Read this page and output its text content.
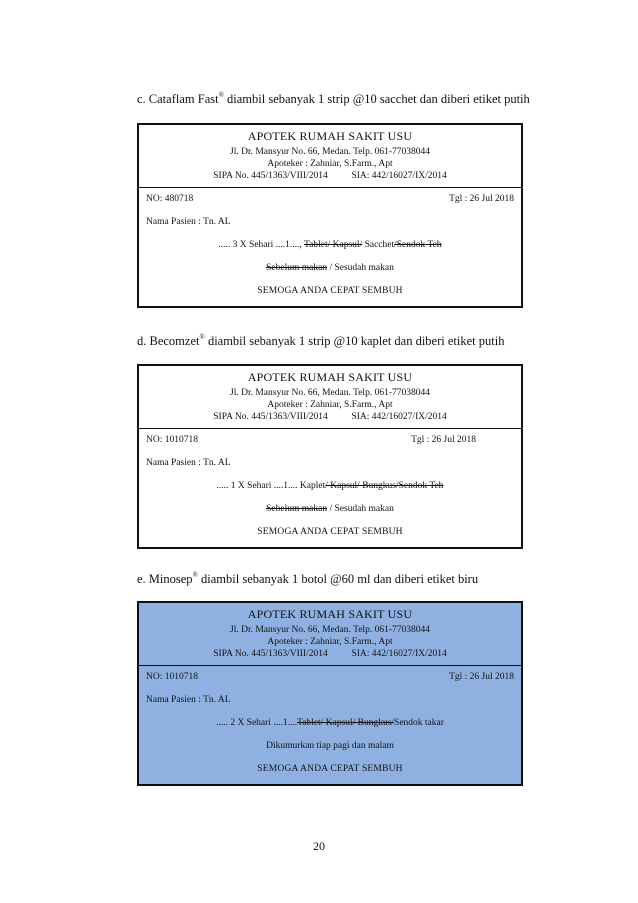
c. Cataflam Fast® diambil sebanyak 1 strip @10 sacchet dan diberi etiket putih
APOTEK RUMAH SAKIT USU
Jl. Dr. Mansyur No. 66, Medan. Telp. 061-77038044
Apoteker : Zahniar, S.Farm., Apt
SIPA No. 445/1363/VIII/2014	SIA: 442/16027/IX/2014
NO: 480718	Tgl : 26 Jul 2018
Nama Pasien : Tn. AL
..... 3 X Sehari ....1...., Tablet/ Kapsul/ Sacchet/Sendok Teh
Sebelum makan / Sesudah makan
SEMOGA ANDA CEPAT SEMBUH
d. Becomzet® diambil sebanyak 1 strip @10 kaplet dan diberi etiket putih
APOTEK RUMAH SAKIT USU
Jl. Dr. Mansyur No. 66, Medan. Telp. 061-77038044
Apoteker : Zahniar, S.Farm., Apt
SIPA No. 445/1363/VIII/2014	SIA: 442/16027/IX/2014
NO: 1010718	Tgl : 26 Jul 2018
Nama Pasien : Tn. AL
..... 1 X Sehari ....1.... Kaplet/ Kapsul/ Bungkus/Sendok Teh
Sebelum makan / Sesudah makan
SEMOGA ANDA CEPAT SEMBUH
e. Minosep® diambil sebanyak 1 botol @60 ml dan diberi etiket biru
APOTEK RUMAH SAKIT USU
Jl. Dr. Mansyur No. 66, Medan. Telp. 061-77038044
Apoteker : Zahniar, S.Farm., Apt
SIPA No. 445/1363/VIII/2014	SIA: 442/16027/IX/2014
NO: 1010718	Tgl : 26 Jul 2018
Nama Pasien : Tn. AL
..... 2 X Sehari ....1....Tablet/ Kapsul/ Bungkus/Sendok takar
Dikumurkan tiap pagi dan malam
SEMOGA ANDA CEPAT SEMBUH
20
